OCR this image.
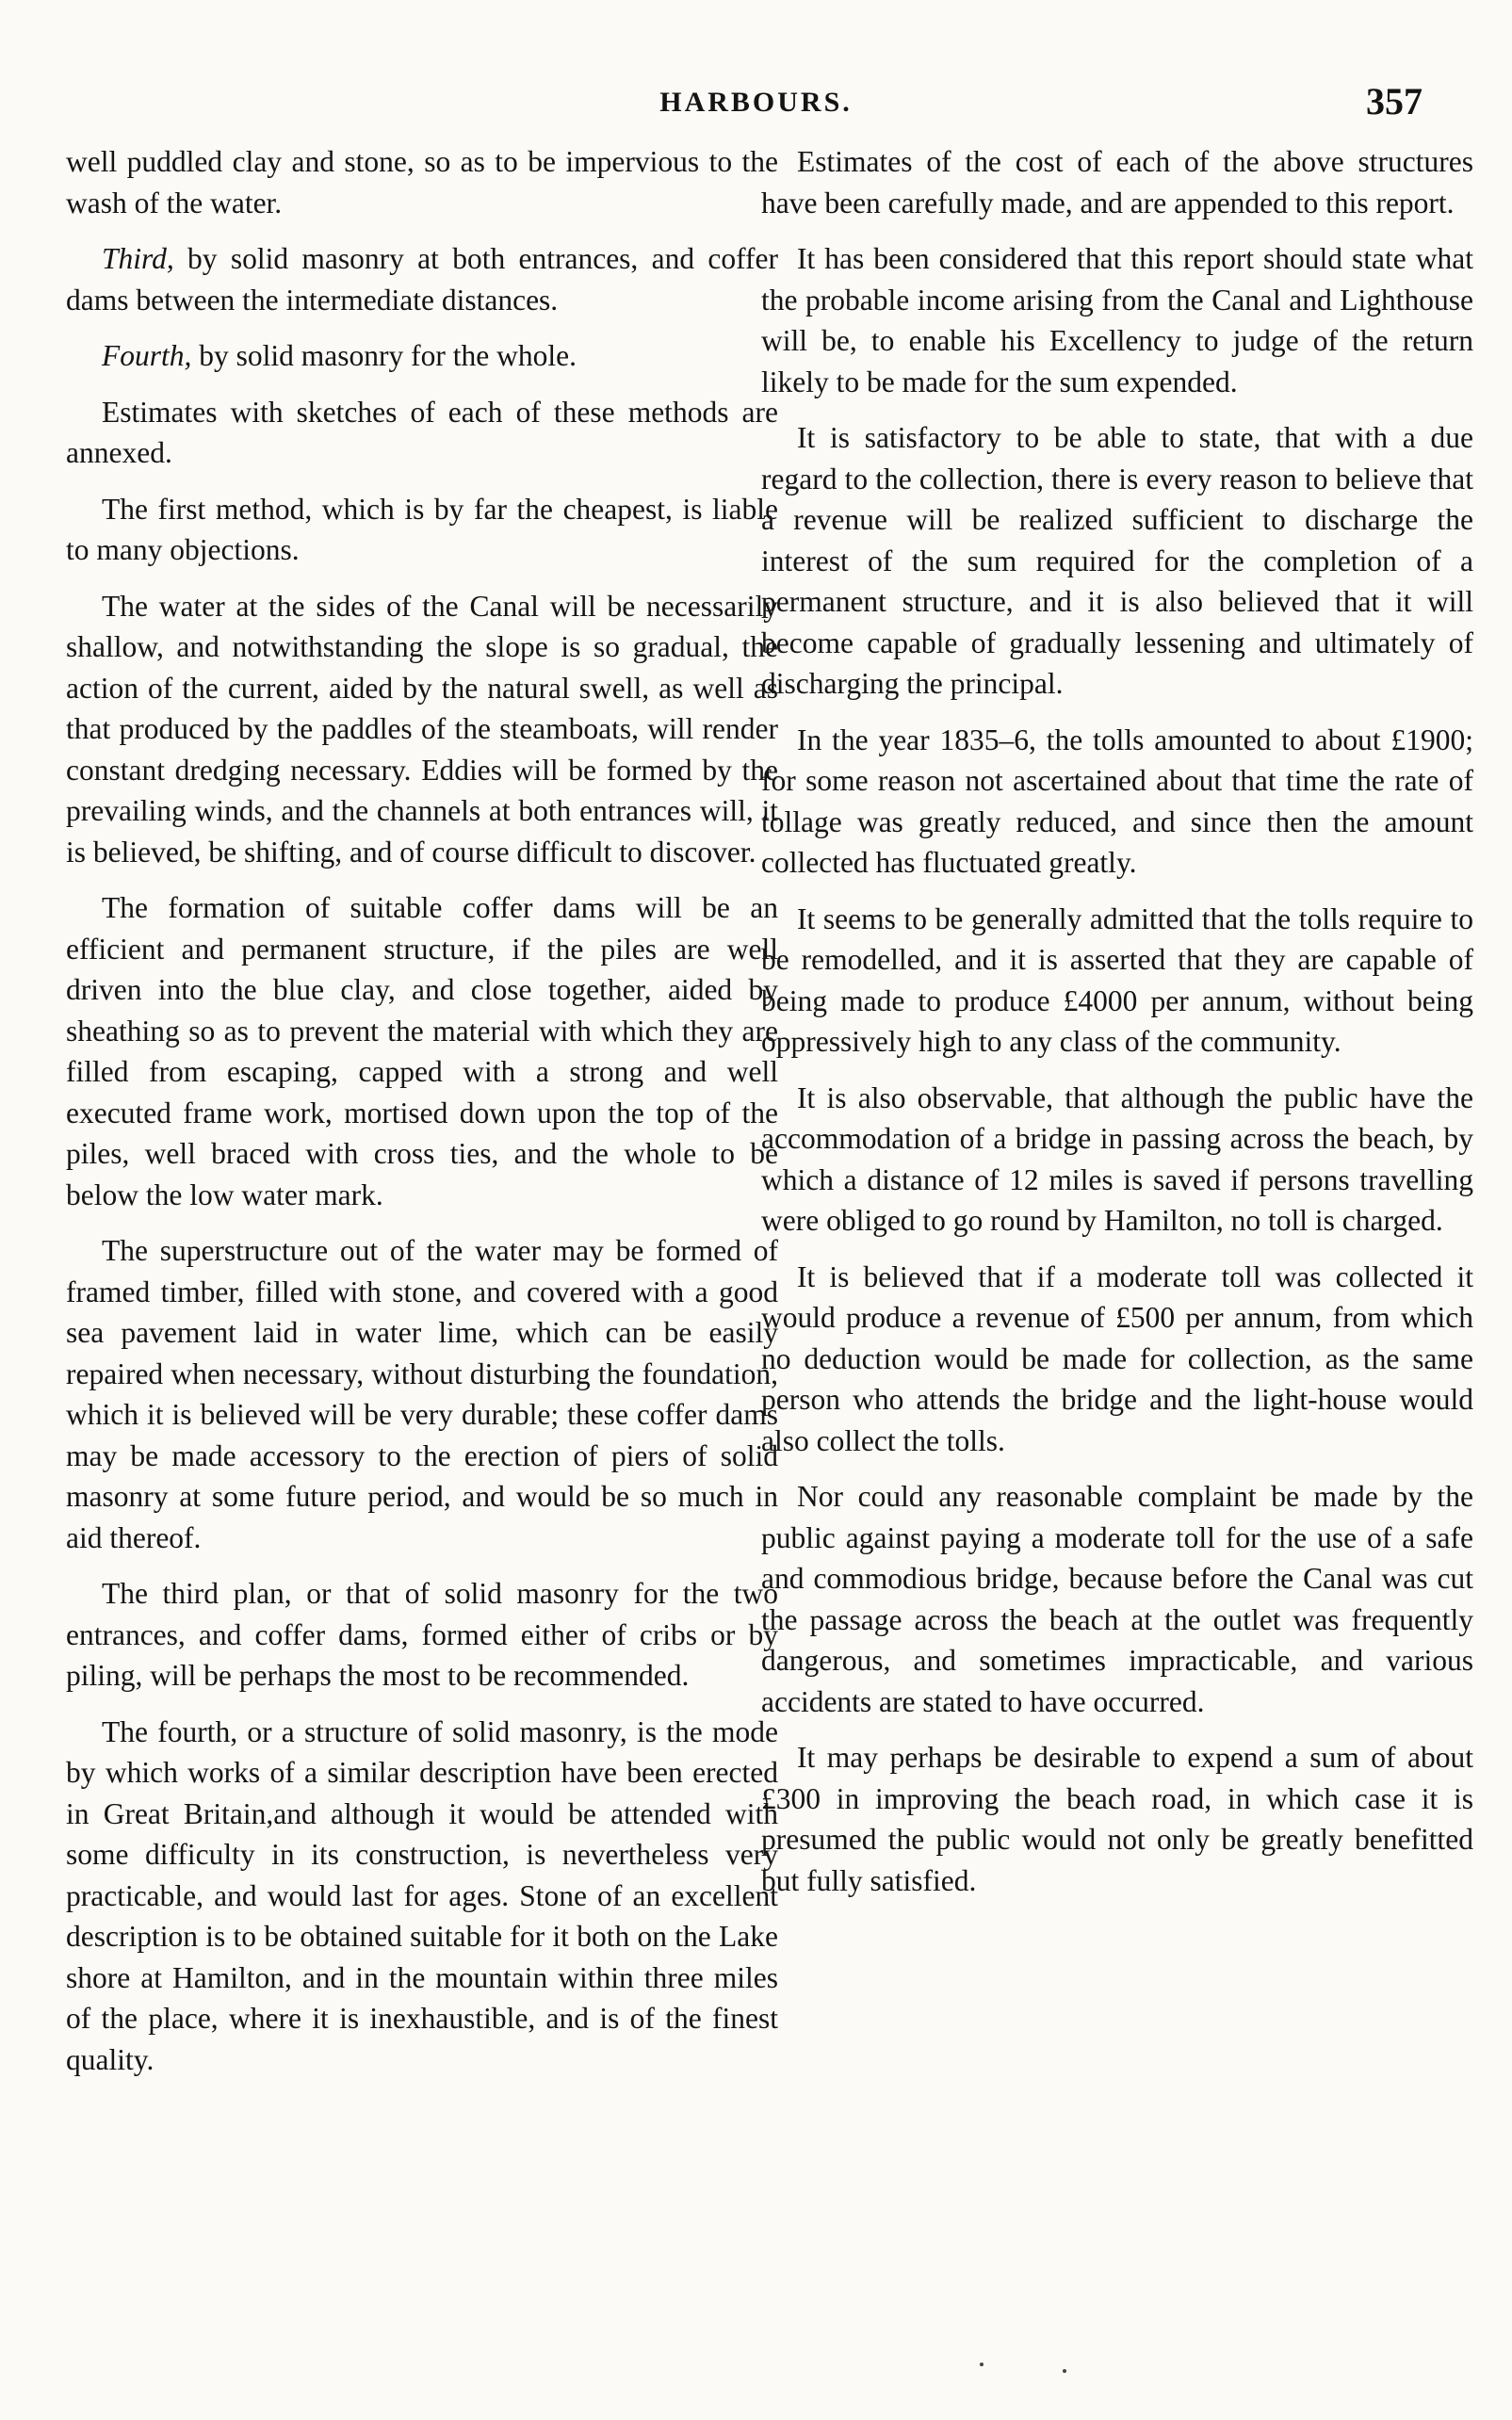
HARBOURS.	357

well puddled clay and stone, so as to be impervious to the wash of the water.

Third, by solid masonry at both entrances, and coffer dams between the intermediate distances.

Fourth, by solid masonry for the whole.

Estimates with sketches of each of these methods are annexed.

The first method, which is by far the cheapest, is liable to many objections.

The water at the sides of the Canal will be necessarily shallow, and notwithstanding the slope is so gradual, the action of the current, aided by the natural swell, as well as that produced by the paddles of the steamboats, will render constant dredging necessary. Eddies will be formed by the prevailing winds, and the channels at both entrances will, it is believed, be shifting, and of course difficult to discover.

The formation of suitable coffer dams will be an efficient and permanent structure, if the piles are well driven into the blue clay, and close together, aided by sheathing so as to prevent the material with which they are filled from escaping, capped with a strong and well executed frame work, mortised down upon the top of the piles, well braced with cross ties, and the whole to be below the low water mark.

The superstructure out of the water may be formed of framed timber, filled with stone, and covered with a good sea pavement laid in water lime, which can be easily repaired when necessary, without disturbing the foundation, which it is believed will be very durable; these coffer dams may be made accessory to the erection of piers of solid masonry at some future period, and would be so much in aid thereof.

The third plan, or that of solid masonry for the two entrances, and coffer dams, formed either of cribs or by piling, will be perhaps the most to be recommended.

The fourth, or a structure of solid masonry, is the mode by which works of a similar description have been erected in Great Britain,and although it would be attended with some difficulty in its construction, is nevertheless very practicable, and would last for ages. Stone of an excellent description is to be obtained suitable for it both on the Lake shore at Hamilton, and in the mountain within three miles of the place, where it is inexhaustible, and is of the finest quality.

Estimates of the cost of each of the above structures have been carefully made, and are appended to this report.

It has been considered that this report should state what the probable income arising from the Canal and Lighthouse will be, to enable his Excellency to judge of the return likely to be made for the sum expended.

It is satisfactory to be able to state, that with a due regard to the collection, there is every reason to believe that a revenue will be realized sufficient to discharge the interest of the sum required for the completion of a permanent structure, and it is also believed that it will become capable of gradually lessening and ultimately of discharging the principal.

In the year 1835–6, the tolls amounted to about £1900; for some reason not ascertained about that time the rate of tollage was greatly reduced, and since then the amount collected has fluctuated greatly.

It seems to be generally admitted that the tolls require to be remodelled, and it is asserted that they are capable of being made to produce £4000 per annum, without being oppressively high to any class of the community.

It is also observable, that although the public have the accommodation of a bridge in passing across the beach, by which a distance of 12 miles is saved if persons travelling were obliged to go round by Hamilton, no toll is charged.

It is believed that if a moderate toll was collected it would produce a revenue of £500 per annum, from which no deduction would be made for collection, as the same person who attends the bridge and the light-house would also collect the tolls.

Nor could any reasonable complaint be made by the public against paying a moderate toll for the use of a safe and commodious bridge, because before the Canal was cut the passage across the beach at the outlet was frequently dangerous, and sometimes impracticable, and various accidents are stated to have occurred.

It may perhaps be desirable to expend a sum of about £300 in improving the beach road, in which case it is presumed the public would not only be greatly benefitted but fully satisfied.
